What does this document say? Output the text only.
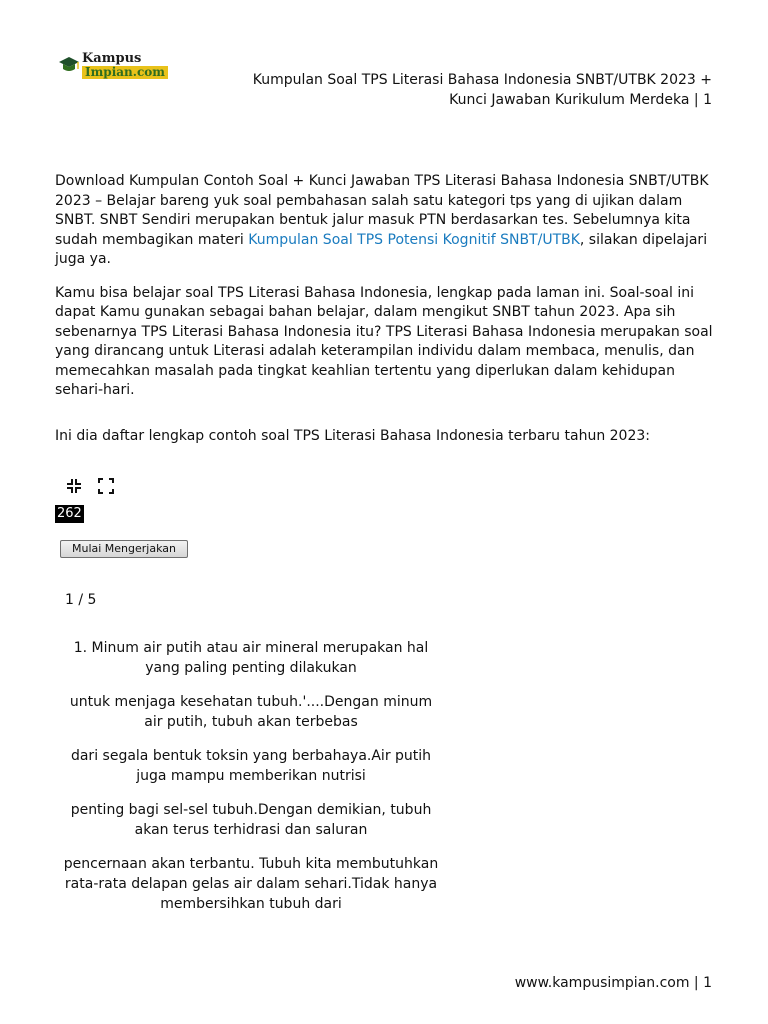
Kampus
Impian.com	Kumpulan Soal TPS Literasi Bahasa Indonesia SNBT/UTBK 2023 +
Kunci Jawaban Kurikulum Merdeka | 1

Download Kumpulan Contoh Soal + Kunci Jawaban TPS Literasi Bahasa Indonesia SNBT/UTBK 2023 – Belajar bareng yuk soal pembahasan salah satu kategori tps yang di ujikan dalam SNBT. SNBT Sendiri merupakan bentuk jalur masuk PTN berdasarkan tes. Sebelumnya kita sudah membagikan materi Kumpulan Soal TPS Potensi Kognitif SNBT/UTBK, silakan dipelajari juga ya.

Kamu bisa belajar soal TPS Literasi Bahasa Indonesia, lengkap pada laman ini. Soal-soal ini dapat Kamu gunakan sebagai bahan belajar, dalam mengikut SNBT tahun 2023. Apa sih sebenarnya TPS Literasi Bahasa Indonesia itu? TPS Literasi Bahasa Indonesia merupakan soal yang dirancang untuk Literasi adalah keterampilan individu dalam membaca, menulis, dan memecahkan masalah pada tingkat keahlian tertentu yang diperlukan dalam kehidupan sehari-hari.

Ini dia daftar lengkap contoh soal TPS Literasi Bahasa Indonesia terbaru tahun 2023:

262
Mulai Mengerjakan
1 / 5

1. Minum air putih atau air mineral merupakan hal yang paling penting dilakukan

untuk menjaga kesehatan tubuh.'....Dengan minum air putih, tubuh akan terbebas

dari segala bentuk toksin yang berbahaya.Air putih juga mampu memberikan nutrisi

penting bagi sel-sel tubuh.Dengan demikian, tubuh akan terus terhidrasi dan saluran

pencernaan akan terbantu. Tubuh kita membutuhkan rata-rata delapan gelas air dalam sehari.Tidak hanya membersihkan tubuh dari

www.kampusimpian.com | 1
